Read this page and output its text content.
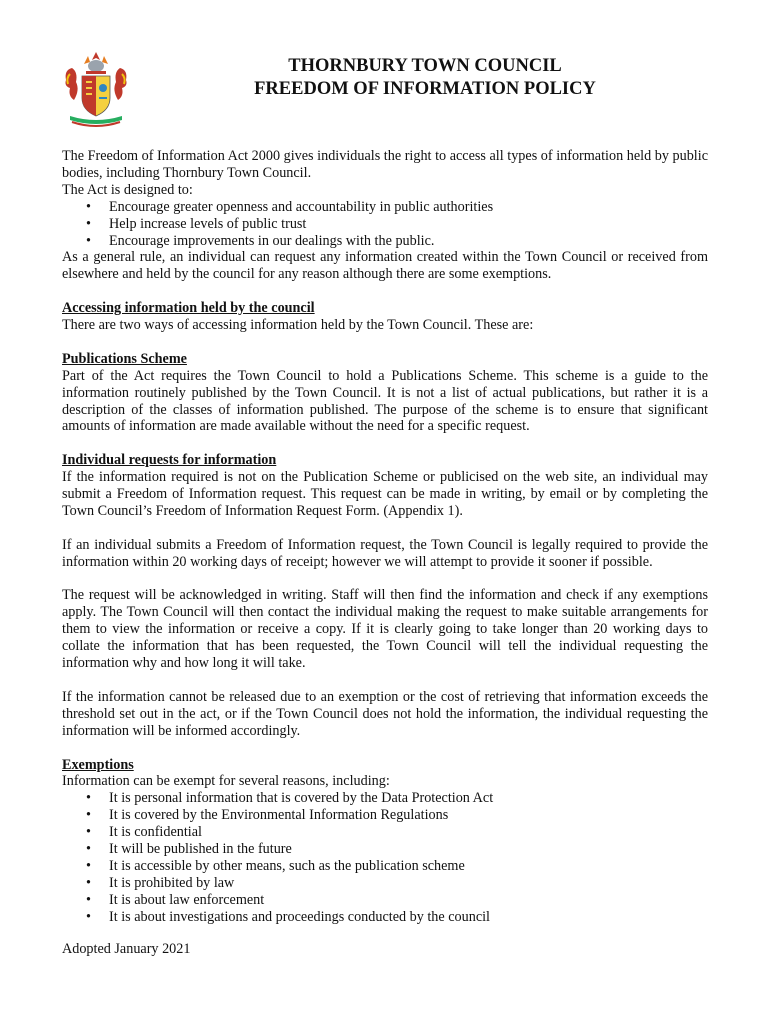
THORNBURY TOWN COUNCIL
FREEDOM OF INFORMATION POLICY

The Freedom of Information Act 2000 gives individuals the right to access all types of information held by public bodies, including Thornbury Town Council.

The Act is designed to:

• Encourage greater openness and accountability in public authorities
• Help increase levels of public trust
• Encourage improvements in our dealings with the public.

As a general rule, an individual can request any information created within the Town Council or received from elsewhere and held by the council for any reason although there are some exemptions.

Accessing information held by the council

There are two ways of accessing information held by the Town Council. These are:

Publications Scheme

Part of the Act requires the Town Council to hold a Publications Scheme. This scheme is a guide to the information routinely published by the Town Council. It is not a list of actual publications, but rather it is a description of the classes of information published. The purpose of the scheme is to ensure that significant amounts of information are made available without the need for a specific request.

Individual requests for information

If the information required is not on the Publication Scheme or publicised on the web site, an individual may submit a Freedom of Information request. This request can be made in writing, by email or by completing the Town Council’s Freedom of Information Request Form. (Appendix 1).

If an individual submits a Freedom of Information request, the Town Council is legally required to provide the information within 20 working days of receipt; however we will attempt to provide it sooner if possible.

The request will be acknowledged in writing. Staff will then find the information and check if any exemptions apply. The Town Council will then contact the individual making the request to make suitable arrangements for them to view the information or receive a copy. If it is clearly going to take longer than 20 working days to collate the information that has been requested, the Town Council will tell the individual requesting the information why and how long it will take.

If the information cannot be released due to an exemption or the cost of retrieving that information exceeds the threshold set out in the act, or if the Town Council does not hold the information, the individual requesting the information will be informed accordingly.

Exemptions

Information can be exempt for several reasons, including:

• It is personal information that is covered by the Data Protection Act
• It is covered by the Environmental Information Regulations
• It is confidential
• It will be published in the future
• It is accessible by other means, such as the publication scheme
• It is prohibited by law
• It is about law enforcement
• It is about investigations and proceedings conducted by the council

Adopted January 2021
